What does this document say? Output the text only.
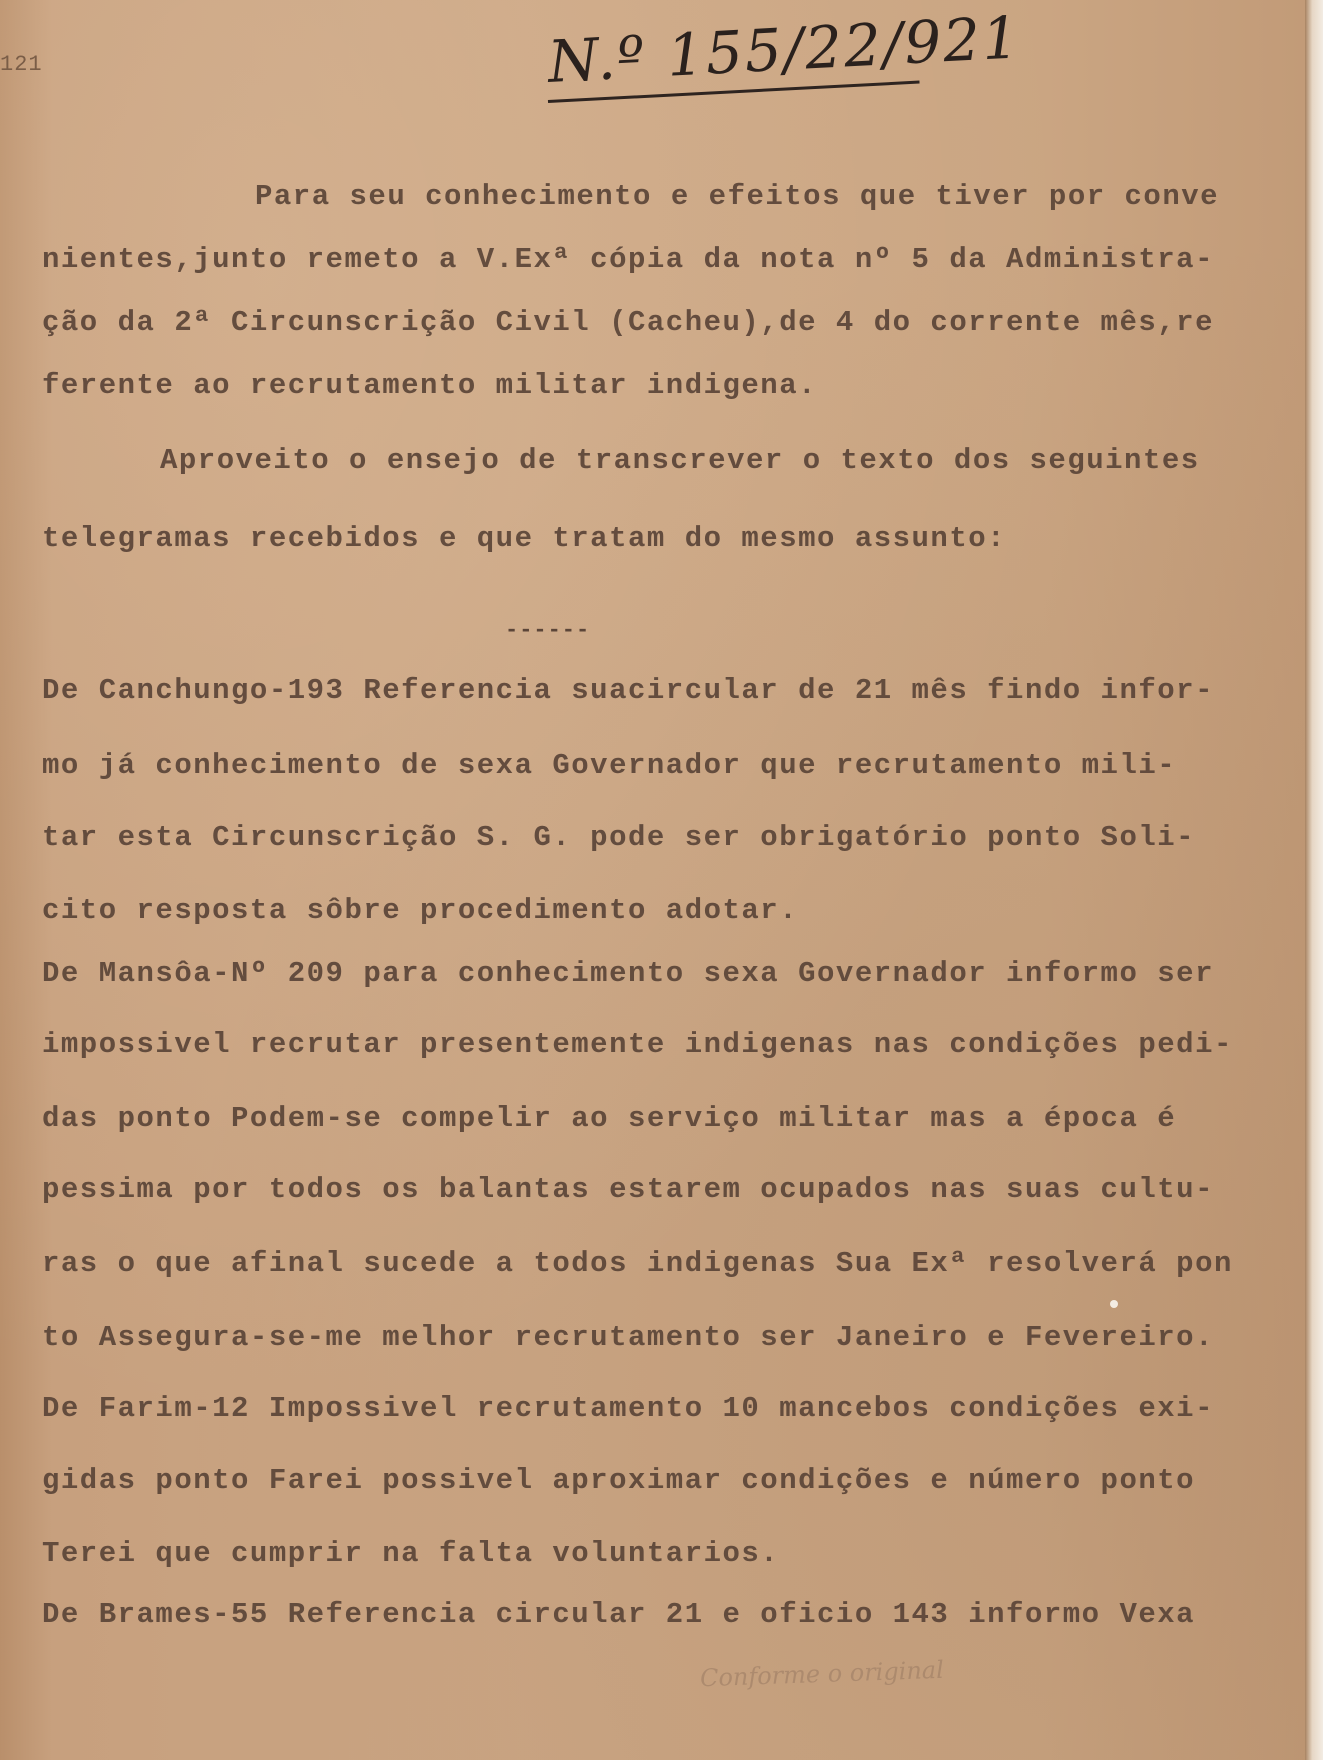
121	N.º 155/22/921

Para seu conhecimento e efeitos que tiver por conve

nientes,junto remeto a V.Exª cópia da nota nº 5 da Administra-

ção da 2ª Circunscrição Civil (Cacheu),de 4 do corrente mês,re

ferente ao recrutamento militar indigena.

Aproveito o ensejo de transcrever o texto dos seguintes

telegramas recebidos e que tratam do mesmo assunto:

------

De Canchungo-193 Referencia suacircular de 21 mês findo infor-

mo já conhecimento de sexa Governador que recrutamento mili-

tar esta Circunscrição S. G. pode ser obrigatório ponto Soli-

cito resposta sôbre procedimento adotar.

De Mansôa-Nº 209 para conhecimento sexa Governador informo ser

impossivel recrutar presentemente indigenas nas condições pedi-

das ponto Podem-se compelir ao serviço militar mas a época é

pessima por todos os balantas estarem ocupados nas suas cultu-

ras o que afinal sucede a todos indigenas Sua Exª resolverá pon

to Assegura-se-me melhor recrutamento ser Janeiro e Fevereiro.

De Farim-12 Impossivel recrutamento 10 mancebos condições exi-

gidas ponto Farei possivel aproximar condições e número ponto

Terei que cumprir na falta voluntarios.

De Brames-55 Referencia circular 21 e oficio 143 informo Vexa

Conforme o original
